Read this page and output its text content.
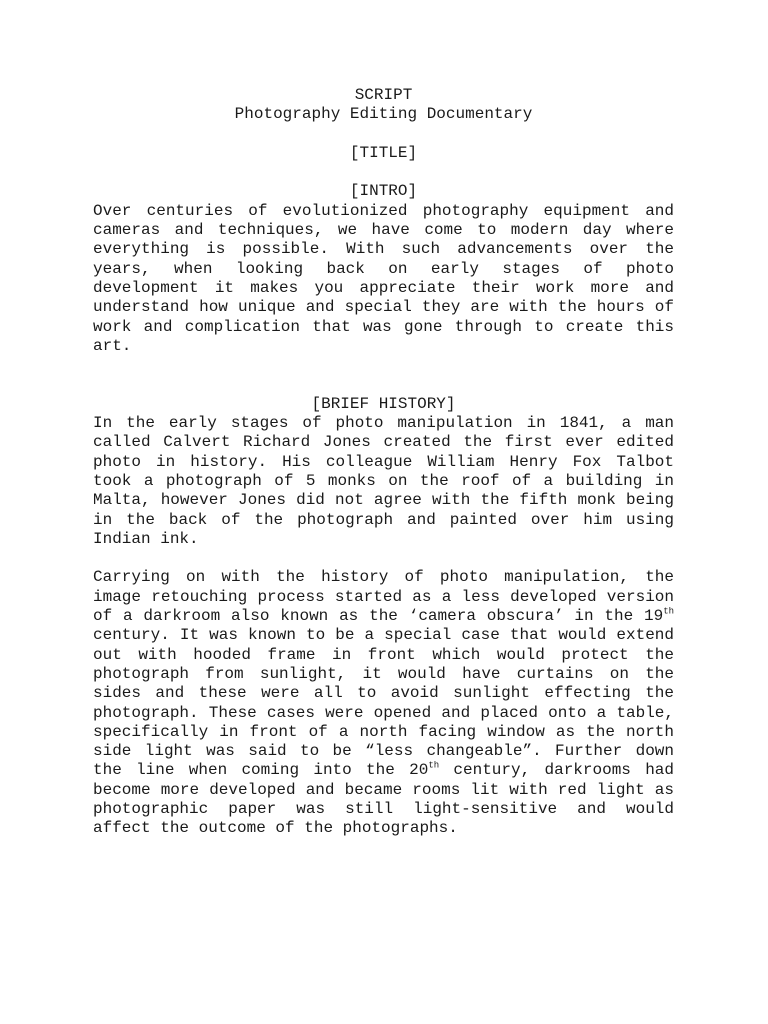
SCRIPT

Photography Editing Documentary

[TITLE]

[INTRO]

Over centuries of evolutionized photography equipment and cameras and techniques, we have come to modern day where everything is possible. With such advancements over the years, when looking back on early stages of photo development it makes you appreciate their work more and understand how unique and special they are with the hours of work and complication that was gone through to create this art.

[BRIEF HISTORY]

In the early stages of photo manipulation in 1841, a man called Calvert Richard Jones created the first ever edited photo in history. His colleague William Henry Fox Talbot took a photograph of 5 monks on the roof of a building in Malta, however Jones did not agree with the fifth monk being in the back of the photograph and painted over him using Indian ink.

Carrying on with the history of photo manipulation, the image retouching process started as a less developed version of a darkroom also known as the ‘camera obscura’ in the 19th century. It was known to be a special case that would extend out with hooded frame in front which would protect the photograph from sunlight, it would have curtains on the sides and these were all to avoid sunlight effecting the photograph. These cases were opened and placed onto a table, specifically in front of a north facing window as the north side light was said to be “less changeable”. Further down the line when coming into the 20th century, darkrooms had become more developed and became rooms lit with red light as photographic paper was still light-sensitive and would affect the outcome of the photographs.
